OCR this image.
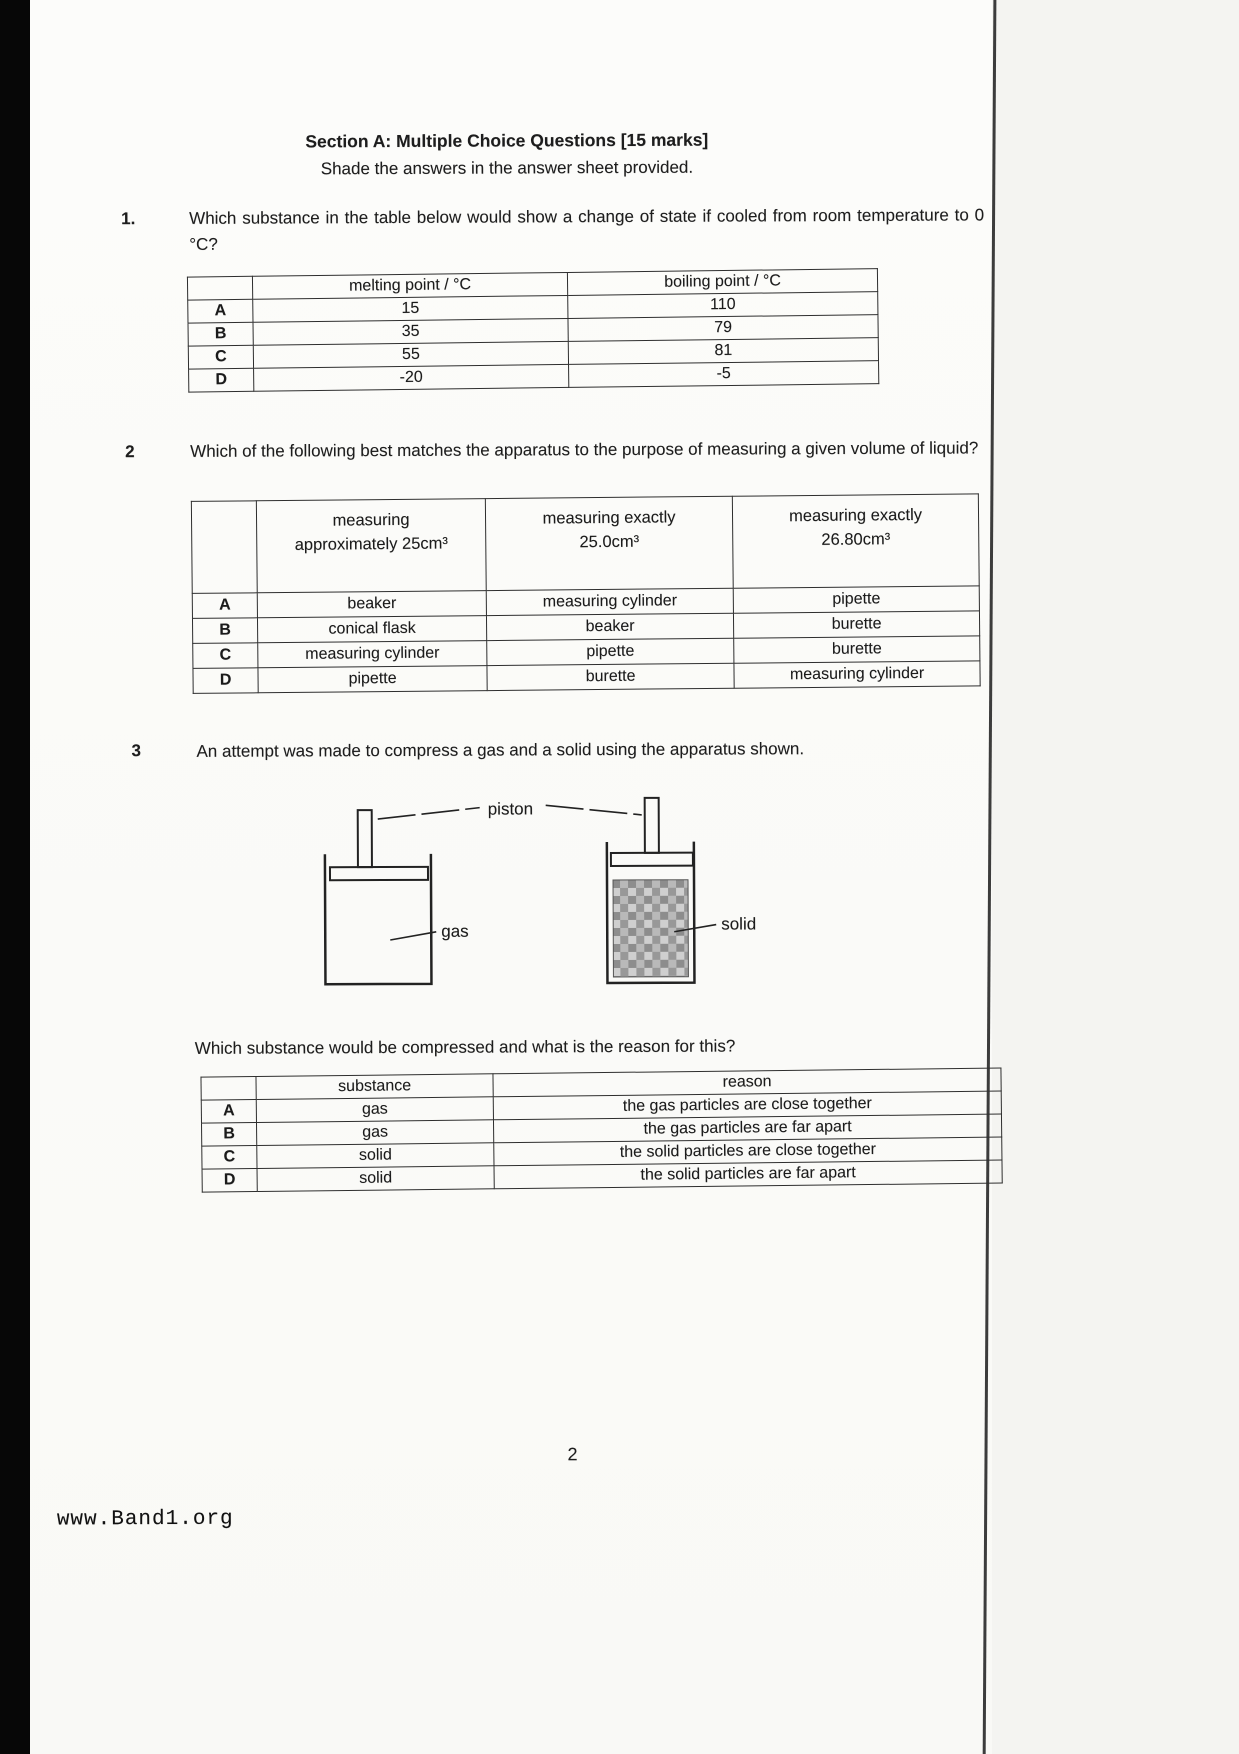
Section A: Multiple Choice Questions [15 marks]
Shade the answers in the answer sheet provided.
1.	Which substance in the table below would show a change of state if cooled from room temperature to 0 °C?
	melting point / °C	boiling point / °C
A	15	110
B	35	79
C	55	81
D	-20	-5
2	Which of the following best matches the apparatus to the purpose of measuring a given volume of liquid?
	measuring approximately 25cm³	measuring exactly 25.0cm³	measuring exactly 26.80cm³
A	beaker	measuring cylinder	pipette
B	conical flask	beaker	burette
C	measuring cylinder	pipette	burette
D	pipette	burette	measuring cylinder
3	An attempt was made to compress a gas and a solid using the apparatus shown.
piston
gas	solid
Which substance would be compressed and what is the reason for this?
	substance	reason
A	gas	the gas particles are close together
B	gas	the gas particles are far apart
C	solid	the solid particles are close together
D	solid	the solid particles are far apart
2
www.Band1.org
